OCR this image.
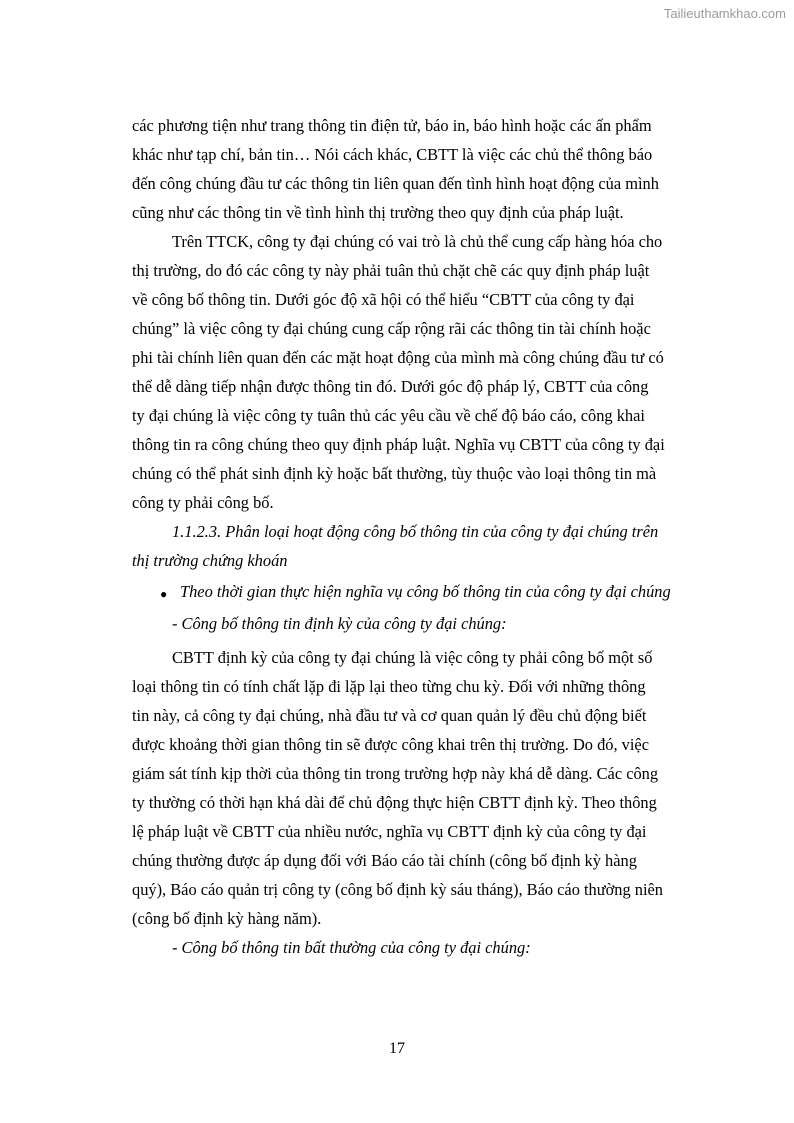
Tailieuthamkhao.com
các phương tiện như trang thông tin điện tử, báo in, báo hình hoặc các ấn phẩm
khác như tạp chí, bản tin… Nói cách khác, CBTT là việc các chủ thể thông báo
đến công chúng đầu tư các thông tin liên quan đến tình hình hoạt động của mình
cũng như các thông tin về tình hình thị trường theo quy định của pháp luật.
Trên TTCK, công ty đại chúng có vai trò là chủ thể cung cấp hàng hóa cho
thị trường, do đó các công ty này phải tuân thủ chặt chẽ các quy định pháp luật
về công bố thông tin. Dưới góc độ xã hội có thể hiểu “CBTT của công ty đại
chúng” là việc công ty đại chúng cung cấp rộng rãi các thông tin tài chính hoặc
phi tài chính liên quan đến các mặt hoạt động của mình mà công chúng đầu tư có
thể dễ dàng tiếp nhận được thông tin đó. Dưới góc độ pháp lý, CBTT của công
ty đại chúng là việc công ty tuân thủ các yêu cầu về chế độ báo cáo, công khai
thông tin ra công chúng theo quy định pháp luật. Nghĩa vụ CBTT của công ty đại
chúng có thể phát sinh định kỳ hoặc bất thường, tùy thuộc vào loại thông tin mà
công ty phải công bố.
1.1.2.3. Phân loại hoạt động công bố thông tin của công ty đại chúng trên
thị trường chứng khoán
● Theo thời gian thực hiện nghĩa vụ công bố thông tin của công ty đại chúng
- Công bố thông tin định kỳ của công ty đại chúng:
CBTT định kỳ của công ty đại chúng là việc công ty phải công bố một số
loại thông tin có tính chất lặp đi lặp lại theo từng chu kỳ. Đối với những thông
tin này, cả công ty đại chúng, nhà đầu tư và cơ quan quản lý đều chủ động biết
được khoảng thời gian thông tin sẽ được công khai trên thị trường. Do đó, việc
giám sát tính kịp thời của thông tin trong trường hợp này khá dễ dàng. Các công
ty thường có thời hạn khá dài để chủ động thực hiện CBTT định kỳ. Theo thông
lệ pháp luật về CBTT của nhiều nước, nghĩa vụ CBTT định kỳ của công ty đại
chúng thường được áp dụng đối với Báo cáo tài chính (công bố định kỳ hàng
quý), Báo cáo quản trị công ty (công bố định kỳ sáu tháng), Báo cáo thường niên
(công bố định kỳ hàng năm).
- Công bố thông tin bất thường của công ty đại chúng:
17
